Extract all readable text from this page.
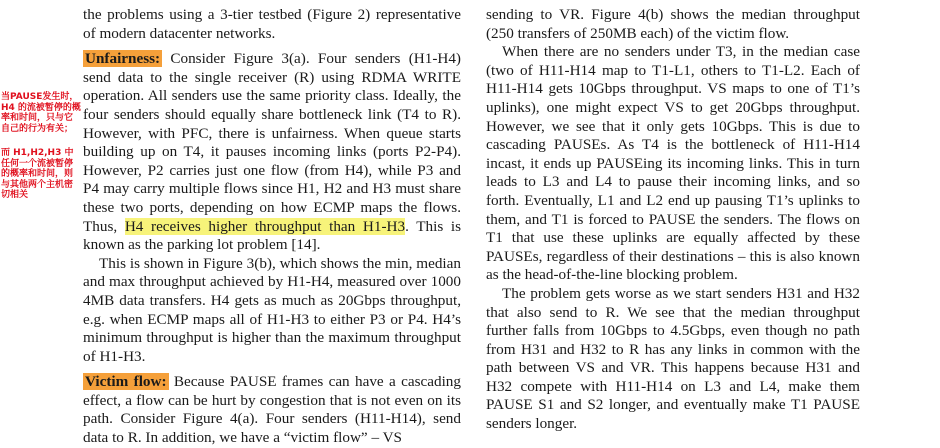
当PAUSE发生时，H4 的流被暂停的概率和时间，只与它自己的行为有关；
而 H1,H2,H3 中任何一个流被暂停的概率和时间，则与其他两个主机密切相关

the problems using a 3-tier testbed (Figure 2) representative of modern datacenter networks.

Unfairness: Consider Figure 3(a). Four senders (H1-H4) send data to the single receiver (R) using RDMA WRITE operation. All senders use the same priority class. Ideally, the four senders should equally share bottleneck link (T4 to R). However, with PFC, there is unfairness. When queue starts building up on T4, it pauses incoming links (ports P2-P4). However, P2 carries just one flow (from H4), while P3 and P4 may carry multiple flows since H1, H2 and H3 must share these two ports, depending on how ECMP maps the flows. Thus, H4 receives higher throughput than H1-H3. This is known as the parking lot problem [14].

This is shown in Figure 3(b), which shows the min, median and max throughput achieved by H1-H4, measured over 1000 4MB data transfers. H4 gets as much as 20Gbps throughput, e.g. when ECMP maps all of H1-H3 to either P3 or P4. H4’s minimum throughput is higher than the maximum throughput of H1-H3.

Victim flow: Because PAUSE frames can have a cascading effect, a flow can be hurt by congestion that is not even on its path. Consider Figure 4(a). Four senders (H11-H14), send data to R. In addition, we have a “victim flow” – VS

sending to VR. Figure 4(b) shows the median throughput (250 transfers of 250MB each) of the victim flow.

When there are no senders under T3, in the median case (two of H11-H14 map to T1-L1, others to T1-L2. Each of H11-H14 gets 10Gbps throughput. VS maps to one of T1’s uplinks), one might expect VS to get 20Gbps throughput. However, we see that it only gets 10Gbps. This is due to cascading PAUSEs. As T4 is the bottleneck of H11-H14 incast, it ends up PAUSEing its incoming links. This in turn leads to L3 and L4 to pause their incoming links, and so forth. Eventually, L1 and L2 end up pausing T1’s uplinks to them, and T1 is forced to PAUSE the senders. The flows on T1 that use these uplinks are equally affected by these PAUSEs, regardless of their destinations – this is also known as the head-of-the-line blocking problem.

The problem gets worse as we start senders H31 and H32 that also send to R. We see that the median throughput further falls from 10Gbps to 4.5Gbps, even though no path from H31 and H32 to R has any links in common with the path between VS and VR. This happens because H31 and H32 compete with H11-H14 on L3 and L4, make them PAUSE S1 and S2 longer, and eventually make T1 PAUSE senders longer.
